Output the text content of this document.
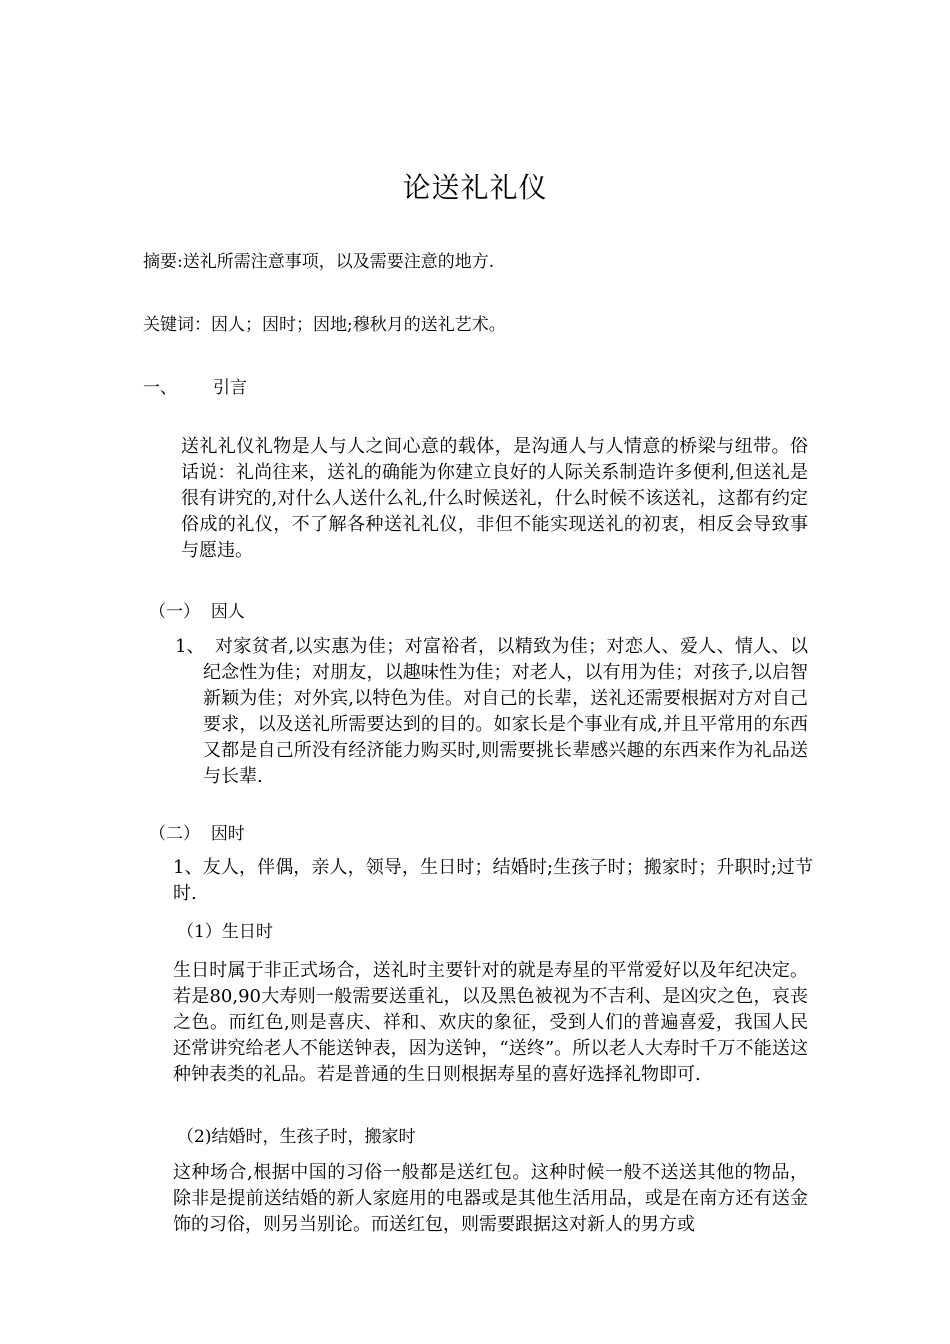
论送礼礼仪
摘要:送礼所需注意事项，以及需要注意的地方.
关键词：因人；因时；因地;穆秋月的送礼艺术。
一、 引言
送礼礼仪礼物是人与人之间心意的载体，是沟通人与人情意的桥梁与纽带。俗话说：礼尚往来，送礼的确能为你建立良好的人际关系制造许多便利,但送礼是很有讲究的,对什么人送什么礼,什么时候送礼，什么时候不该送礼，这都有约定俗成的礼仪，不了解各种送礼礼仪，非但不能实现送礼的初衷，相反会导致事与愿违。
（一） 因人
1、 对家贫者,以实惠为佳；对富裕者，以精致为佳；对恋人、爱人、情人、以纪念性为佳；对朋友，以趣味性为佳；对老人，以有用为佳；对孩子,以启智新颖为佳；对外宾,以特色为佳。对自己的长辈，送礼还需要根据对方对自己要求，以及送礼所需要达到的目的。如家长是个事业有成,并且平常用的东西又都是自己所没有经济能力购买时,则需要挑长辈感兴趣的东西来作为礼品送与长辈.
（二） 因时
1、友人，伴偶，亲人，领导，生日时；结婚时;生孩子时；搬家时；升职时;过节时.
（1）生日时
生日时属于非正式场合，送礼时主要针对的就是寿星的平常爱好以及年纪决定。若是80,90大寿则一般需要送重礼，以及黑色被视为不吉利、是凶灾之色，哀丧之色。而红色,则是喜庆、祥和、欢庆的象征，受到人们的普遍喜爱，我国人民还常讲究给老人不能送钟表，因为送钟，“送终”。所以老人大寿时千万不能送这种钟表类的礼品。若是普通的生日则根据寿星的喜好选择礼物即可.
（2)结婚时，生孩子时，搬家时
这种场合,根据中国的习俗一般都是送红包。这种时候一般不送送其他的物品，除非是提前送结婚的新人家庭用的电器或是其他生活用品，或是在南方还有送金饰的习俗，则另当别论。而送红包，则需要跟据这对新人的男方或
